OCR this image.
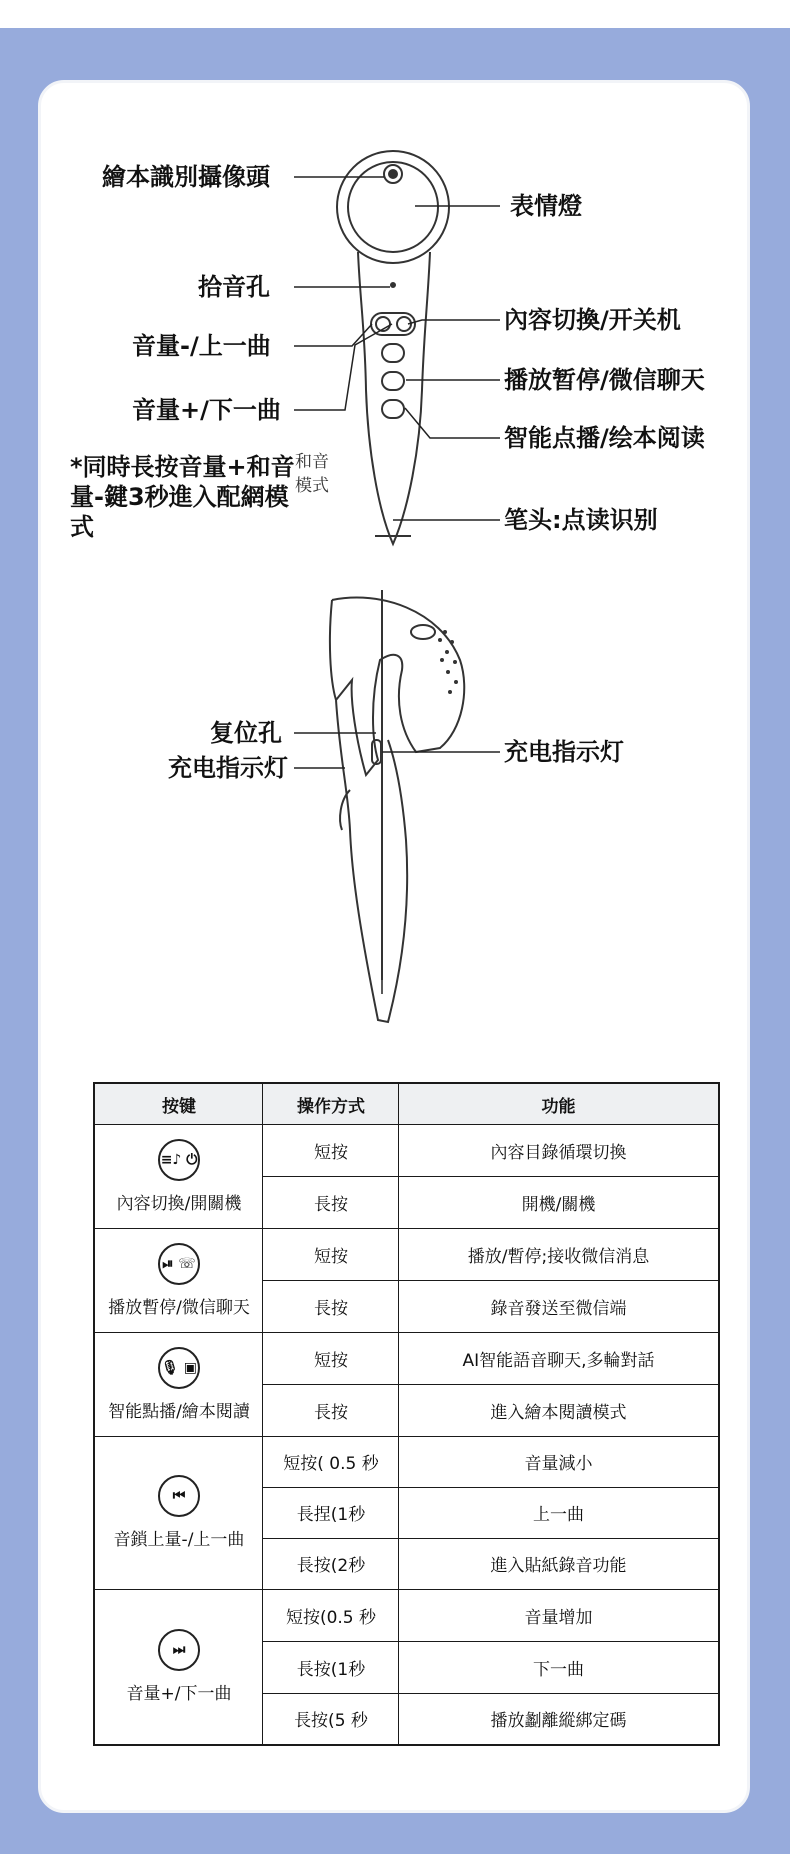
繪本識別攝像頭
表情燈
拾音孔
內容切換/开关机
音量-/上一曲
播放暂停/微信聊天
音量+/下一曲
智能点播/绘本阅读
*同時長按音量+和音量-鍵3秒進入配網模式
和音
模式
笔头:点读识别
复位孔
充电指示灯
充电指示灯
按键	操作方式	功能
≡♪ ⏻
內容切換/開關機
短按	內容目錄循環切換
長按	開機/關機
⏯ ☏
播放暫停/微信聊天
短按	播放/暫停;接收微信消息
長按	錄音發送至微信端
🎙 ▣
智能點播/繪本閱讀
短按	AI智能語音聊天,多輪對話
長按	進入繪本閱讀模式
⏮
音鎖上量-/上一曲
短按( 0.5 秒	音量減小
長捏(1秒	上一曲
長按(2秒	進入貼紙錄音功能
⏭
音量+/下一曲
短按(0.5 秒	音量增加
長按(1秒	下一曲
長按(5 秒	播放劙離縱綁定碼
